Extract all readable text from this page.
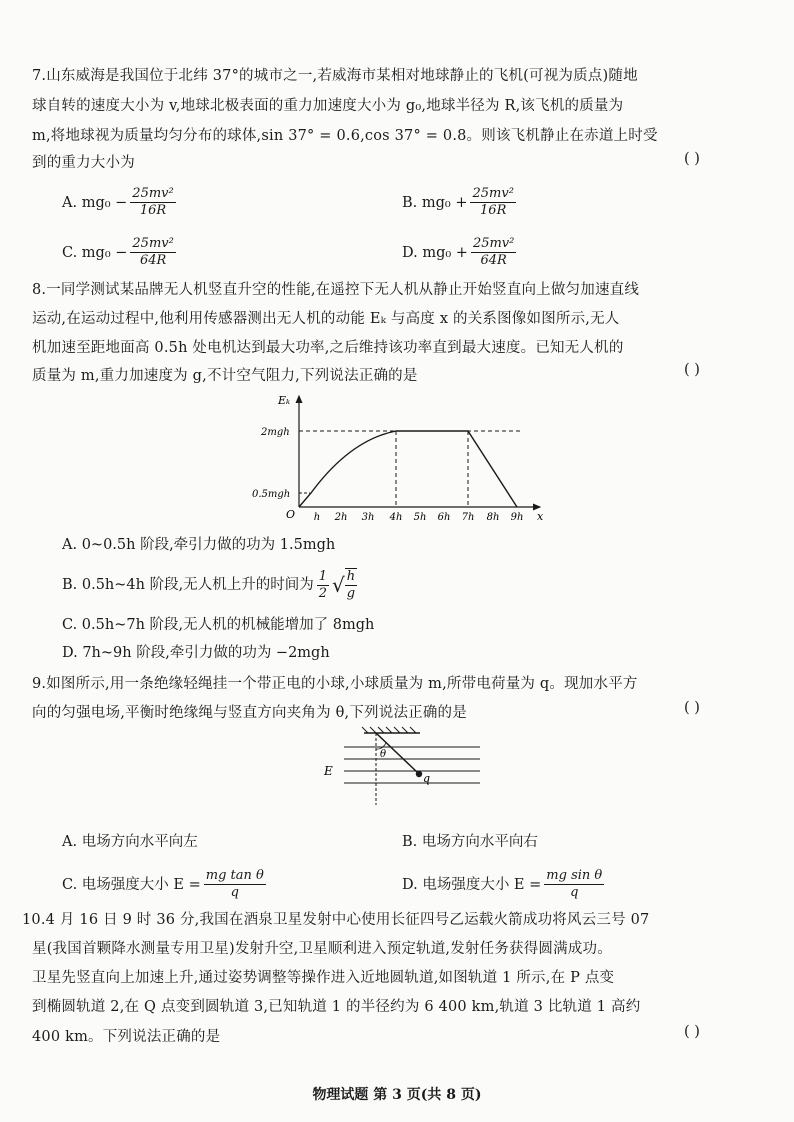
7.山东威海是我国位于北纬 37°的城市之一,若威海市某相对地球静止的飞机(可视为质点)随地
球自转的速度大小为 v,地球北极表面的重力加速度大小为 g₀,地球半径为 R,该飞机的质量为
m,将地球视为质量均匀分布的球体,sin 37° = 0.6,cos 37° = 0.8。则该飞机静止在赤道上时受
到的重力大小为	( )
A. $mg_0 - \frac{\text{25mv²}}{16R}$	B. $mg_0 + \frac{\text{25mv²}}{16R}$
C. $mg_0 - \frac{\text{25mv²}}{64R}$	D. $mg_0 + \frac{\text{25mv²}}{64R}$
8.一同学测试某品牌无人机竖直升空的性能,在遥控下无人机从静止开始竖直向上做匀加速直线
运动,在运动过程中,他利用传感器测出无人机的动能 Eₖ 与高度 x 的关系图像如图所示,无人
机加速至距地面高 0.5h 处电机达到最大功率,之后维持该功率直到最大速度。已知无人机的
质量为 m,重力加速度为 g,不计空气阻力,下列说法正确的是	( )
Eₖ
x
O
2mgh
0.5mgh
h 2h 3h 4h 5h 6h 7h 8h 9h
A. 0~0.5h 阶段,牵引力做的功为 1.5mgh
B. 0.5h~4h 阶段,无人机上升的时间为 $\frac{1}{2}$ √ $\frac{h}{g}$
C. 0.5h~7h 阶段,无人机的机械能增加了 8mgh
D. 7h~9h 阶段,牵引力做的功为 −2mgh
9.如图所示,用一条绝缘轻绳挂一个带正电的小球,小球质量为 m,所带电荷量为 q。现加水平方
向的匀强电场,平衡时绝缘绳与竖直方向夹角为 θ,下列说法正确的是	( )
θ
E
q
A. 电场方向水平向左	B. 电场方向水平向右
C. 电场强度大小 $E = \frac{\text{mg tan θ}}{q}$	D. 电场强度大小 $E = \frac{\text{mg sin θ}}{q}$
10.4 月 16 日 9 时 36 分,我国在酒泉卫星发射中心使用长征四号乙运载火箭成功将风云三号 07
星(我国首颗降水测量专用卫星)发射升空,卫星顺利进入预定轨道,发射任务获得圆满成功。
卫星先竖直向上加速上升,通过姿势调整等操作进入近地圆轨道,如图轨道 1 所示,在 P 点变
到椭圆轨道 2,在 Q 点变到圆轨道 3,已知轨道 1 的半径约为 6 400 km,轨道 3 比轨道 1 高约
400 km。下列说法正确的是	( )
物理试题 第 3 页(共 8 页)
